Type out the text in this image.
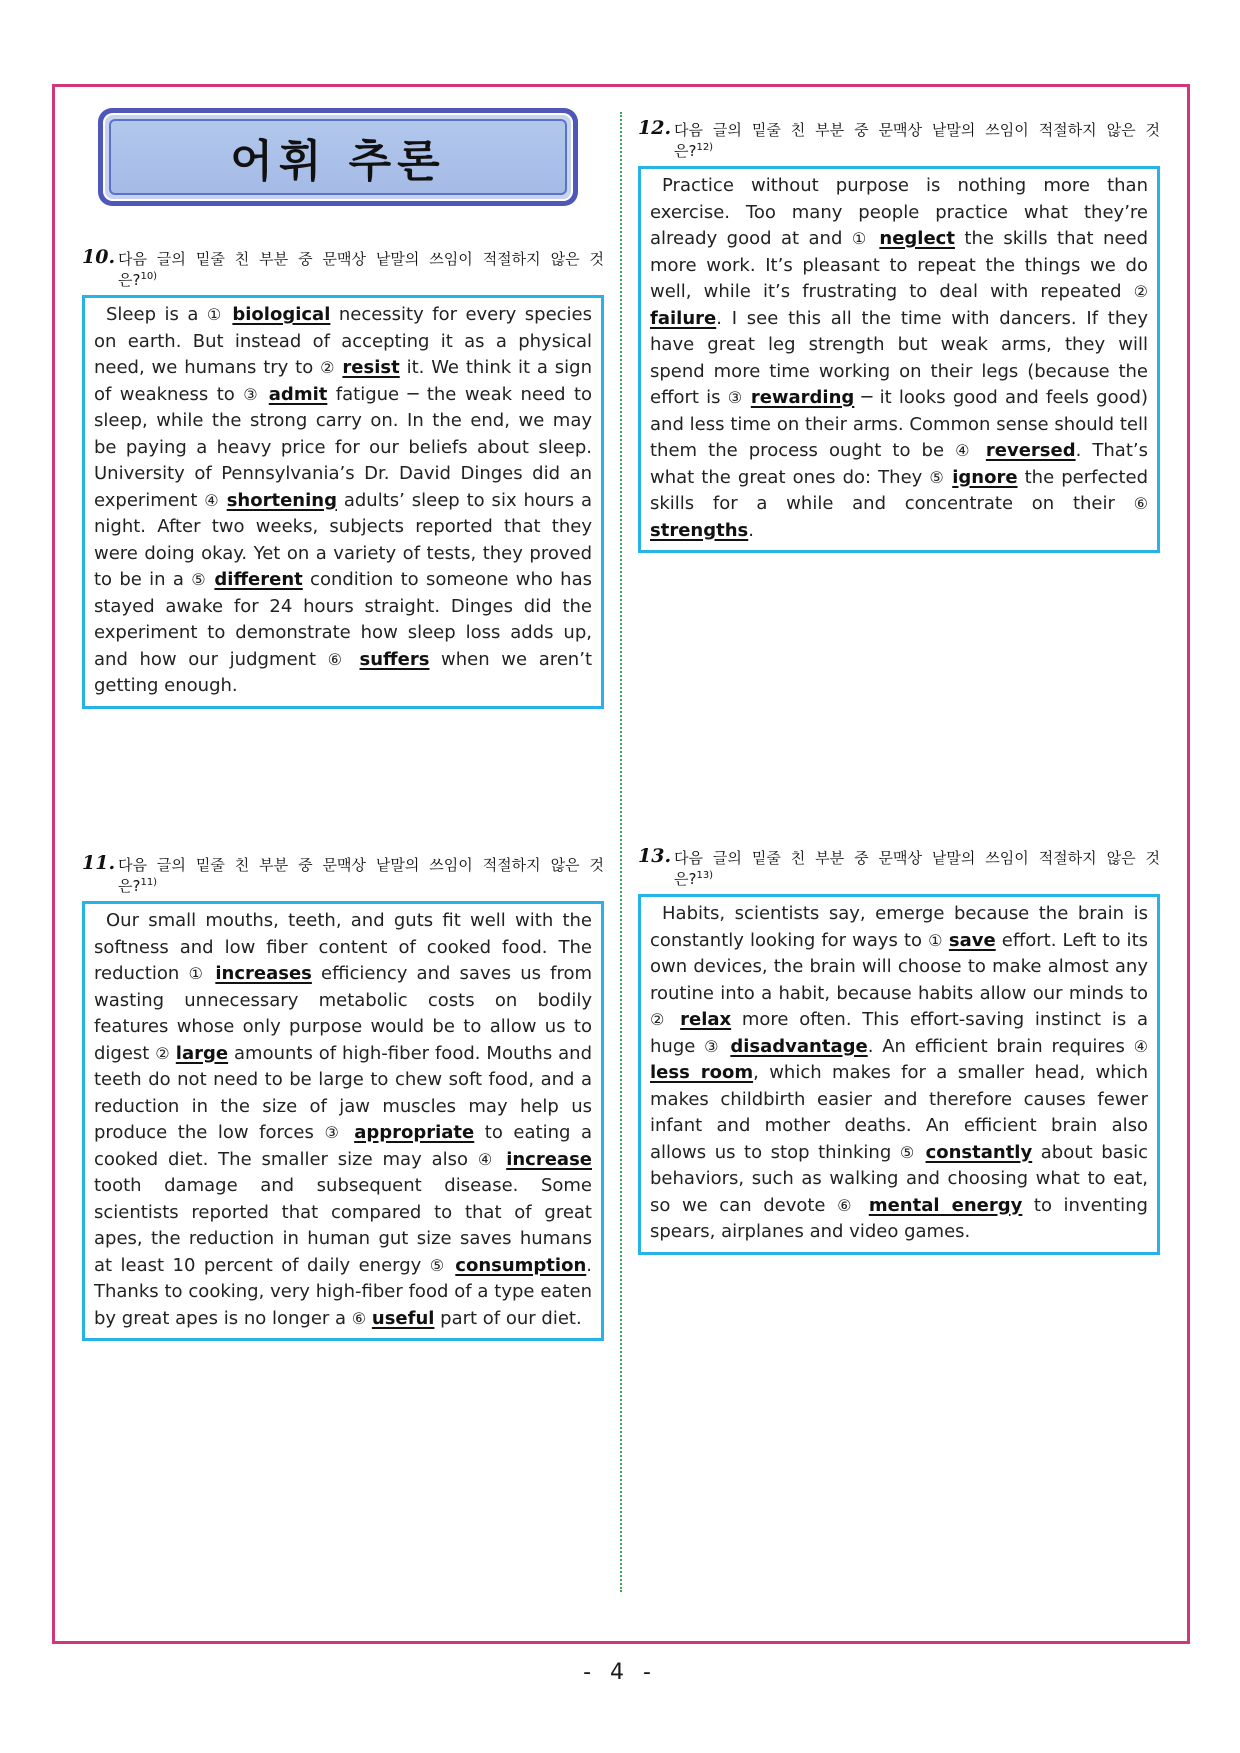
어휘 추론
10. 다음 글의 밑줄 친 부분 중 문맥상 낱말의 쓰임이 적절하지 않은 것
은?$^{10)}$

Sleep is a ① biological necessity for every species on earth. But instead of accepting it as a physical need, we humans try to ② resist it. We think it a sign of weakness to ③ admit fatigue ─ the weak need to sleep, while the strong carry on. In the end, we may be paying a heavy price for our beliefs about sleep. University of Pennsylvania’s Dr. David Dinges did an experiment ④ shortening adults’ sleep to six hours a night. After two weeks, subjects reported that they were doing okay. Yet on a variety of tests, they proved to be in a ⑤ different condition to someone who has stayed awake for 24 hours straight. Dinges did the experiment to demonstrate how sleep loss adds up, and how our judgment ⑥ suffers when we aren’t getting enough.

11. 다음 글의 밑줄 친 부분 중 문맥상 낱말의 쓰임이 적절하지 않은 것
은?$^{11)}$

Our small mouths, teeth, and guts fit well with the softness and low fiber content of cooked food. The reduction ① increases efficiency and saves us from wasting unnecessary metabolic costs on bodily features whose only purpose would be to allow us to digest ② large amounts of high-fiber food. Mouths and teeth do not need to be large to chew soft food, and a reduction in the size of jaw muscles may help us produce the low forces ③ appropriate to eating a cooked diet. The smaller size may also ④ increase tooth damage and subsequent disease. Some scientists reported that compared to that of great apes, the reduction in human gut size saves humans at least 10 percent of daily energy ⑤ consumption. Thanks to cooking, very high-fiber food of a type eaten by great apes is no longer a ⑥ useful part of our diet.

12. 다음 글의 밑줄 친 부분 중 문맥상 낱말의 쓰임이 적절하지 않은 것
은?$^{12)}$

Practice without purpose is nothing more than exercise. Too many people practice what they’re already good at and ① neglect the skills that need more work. It’s pleasant to repeat the things we do well, while it’s frustrating to deal with repeated ② failure. I see this all the time with dancers. If they have great leg strength but weak arms, they will spend more time working on their legs (because the effort is ③ rewarding ─ it looks good and feels good) and less time on their arms. Common sense should tell them the process ought to be ④ reversed. That’s what the great ones do: They ⑤ ignore the perfected skills for a while and concentrate on their ⑥ strengths.

13. 다음 글의 밑줄 친 부분 중 문맥상 낱말의 쓰임이 적절하지 않은 것
은?$^{13)}$

Habits, scientists say, emerge because the brain is constantly looking for ways to ① save effort. Left to its own devices, the brain will choose to make almost any routine into a habit, because habits allow our minds to ② relax more often. This effort-saving instinct is a huge ③ disadvantage. An efficient brain requires ④ less room, which makes for a smaller head, which makes childbirth easier and therefore causes fewer infant and mother deaths. An efficient brain also allows us to stop thinking ⑤ constantly about basic behaviors, such as walking and choosing what to eat, so we can devote ⑥ mental energy to inventing spears, airplanes and video games.

- 4 -
